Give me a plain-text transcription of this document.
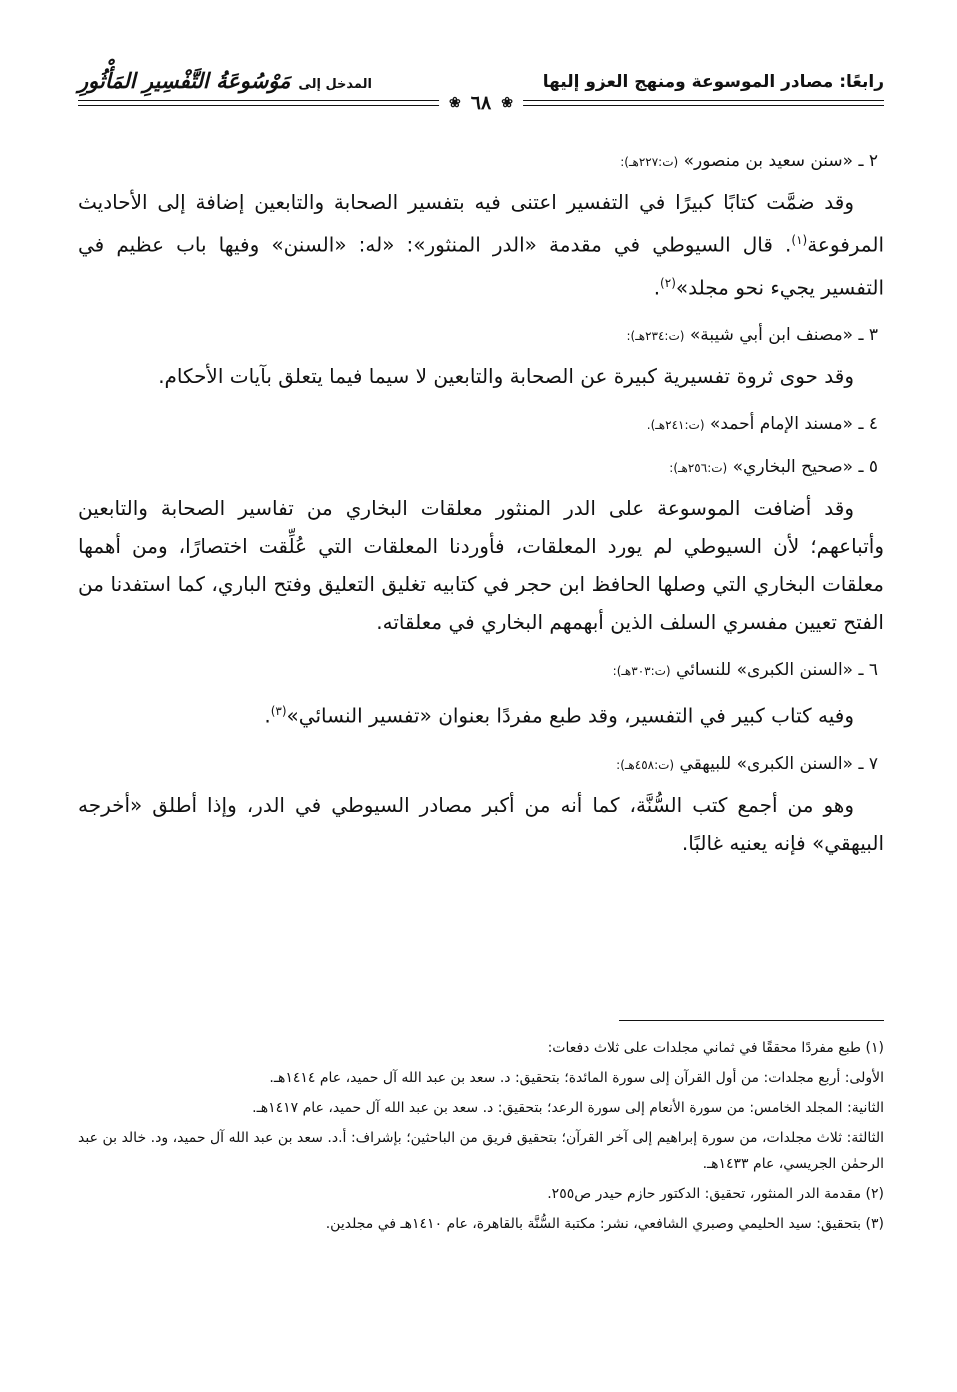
رابعًا: مصادر الموسوعة ومنهج العزو إليها
المدخل إلى
مَوْسُوعَةُ التَّفْسِيرِ المَأْثُورِ
❀
٦٨
❀
٢ ـ «سنن سعيد بن منصور» (ت:٢٢٧هـ):

وقد ضمَّت كتابًا كبيرًا في التفسير اعتنى فيه بتفسير الصحابة والتابعين إضافة إلى الأحاديث المرفوعة$^{(١)}$. قال السيوطي في مقدمة «الدر المنثور»: «له: «السنن» وفيها باب عظيم في التفسير يجيء نحو مجلد»$^{(٢)}$.

٣ ـ «مصنف ابن أبي شيبة» (ت:٢٣٤هـ):

وقد حوى ثروة تفسيرية كبيرة عن الصحابة والتابعين لا سيما فيما يتعلق بآيات الأحكام.

٤ ـ «مسند الإمام أحمد» (ت:٢٤١هـ).
٥ ـ «صحيح البخاري» (ت:٢٥٦هـ):

وقد أضافت الموسوعة على الدر المنثور معلقات البخاري من تفاسير الصحابة والتابعين وأتباعهم؛ لأن السيوطي لم يورد المعلقات، فأوردنا المعلقات التي عُلِّقت اختصارًا، ومن أهمها معلقات البخاري التي وصلها الحافظ ابن حجر في كتابيه تغليق التعليق وفتح الباري، كما استفدنا من الفتح تعيين مفسري السلف الذين أبهمهم البخاري في معلقاته.

٦ ـ «السنن الكبرى» للنسائي (ت:٣٠٣هـ):

وفيه كتاب كبير في التفسير، وقد طبع مفردًا بعنوان «تفسير النسائي»$^{(٣)}$.

٧ ـ «السنن الكبرى» للبيهقي (ت:٤٥٨هـ):

وهو من أجمع كتب السُّنَّة، كما أنه من أكبر مصادر السيوطي في الدر، وإذا أطلق «أخرجه البيهقي» فإنه يعنيه غالبًا.

(١) طبع مفردًا محققًا في ثماني مجلدات على ثلاث دفعات:

الأولى: أربع مجلدات: من أول القرآن إلى سورة المائدة؛ بتحقيق: د. سعد بن عبد الله آل حميد، عام ١٤١٤هـ.

الثانية: المجلد الخامس: من سورة الأنعام إلى سورة الرعد؛ بتحقيق: د. سعد بن عبد الله آل حميد، عام ١٤١٧هـ.

الثالثة: ثلاث مجلدات، من سورة إبراهيم إلى آخر القرآن؛ بتحقيق فريق من الباحثين؛ بإشراف: أ.د. سعد بن عبد الله آل حميد، ود. خالد بن عبد الرحمٰن الجريسي، عام ١٤٣٣هـ.

(٢) مقدمة الدر المنثور، تحقيق: الدكتور حازم حيدر ص٢٥٥.

(٣) بتحقيق: سيد الحليمي وصبري الشافعي، نشر: مكتبة السُّنَّة بالقاهرة، عام ١٤١٠هـ في مجلدين.
